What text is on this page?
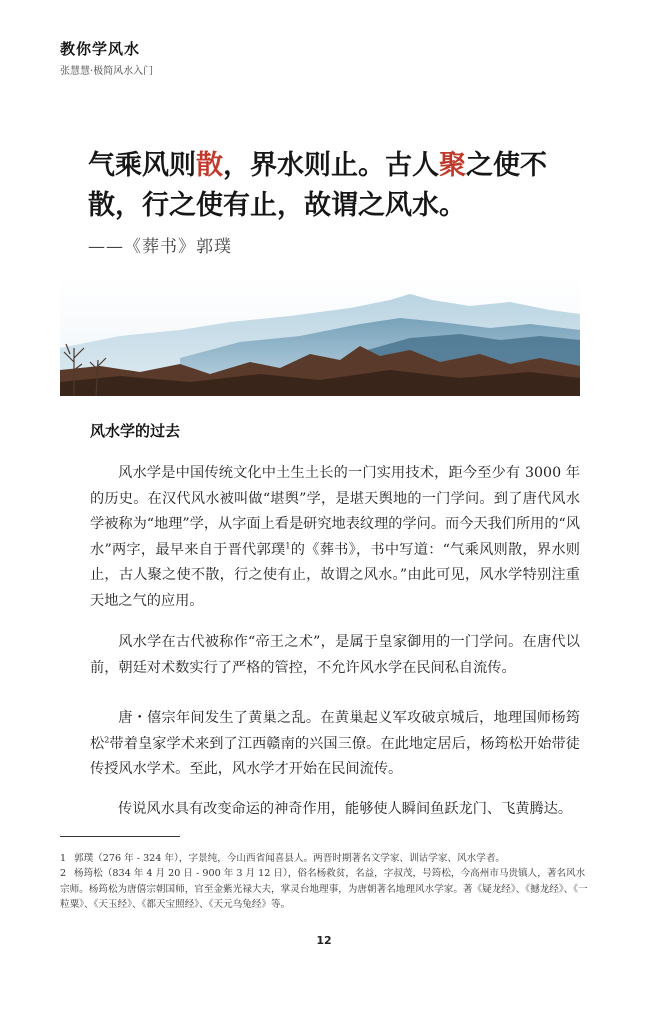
教你学风水
张慧慧·极简风水入门
气乘风则散，界水则止。古人聚之使不
散，行之使有止，故谓之风水。
——《葬书》郭璞
风水学的过去

风水学是中国传统文化中土生土长的一门实用技术，距今至少有 3000 年的历史。在汉代风水被叫做“堪舆”学，是堪天舆地的一门学问。到了唐代风水学被称为“地理”学，从字面上看是研究地表纹理的学问。而今天我们所用的“风水”两字，最早来自于晋代郭璞$^1$的《葬书》，书中写道：“气乘风则散，界水则止，古人聚之使不散，行之使有止，故谓之风水。”由此可见，风水学特别注重天地之气的应用。

风水学在古代被称作“帝王之术”，是属于皇家御用的一门学问。在唐代以前，朝廷对术数实行了严格的管控，不允许风水学在民间私自流传。

唐・僖宗年间发生了黄巢之乱。在黄巢起义军攻破京城后，地理国师杨筠松$^2$带着皇家学术来到了江西赣南的兴国三僚。在此地定居后，杨筠松开始带徒传授风水学术。至此，风水学才开始在民间流传。

传说风水具有改变命运的神奇作用，能够使人瞬间鱼跃龙门、飞黄腾达。

1 郭璞（276 年 - 324 年），字景纯，今山西省闻喜县人。两晋时期著名文学家、训诂学家、风水学者。

2 杨筠松（834 年 4 月 20 日 - 900 年 3 月 12 日），俗名杨救贫，名益，字叔茂，号筠松，今高州市马贵镇人，著名风水宗师。杨筠松为唐僖宗朝国师，官至金紫光禄大夫，掌灵台地理事，为唐朝著名地理风水学家。著《疑龙经》、《撼龙经》、《一粒粟》、《天玉经》、《都天宝照经》、《天元乌兔经》等。

12
